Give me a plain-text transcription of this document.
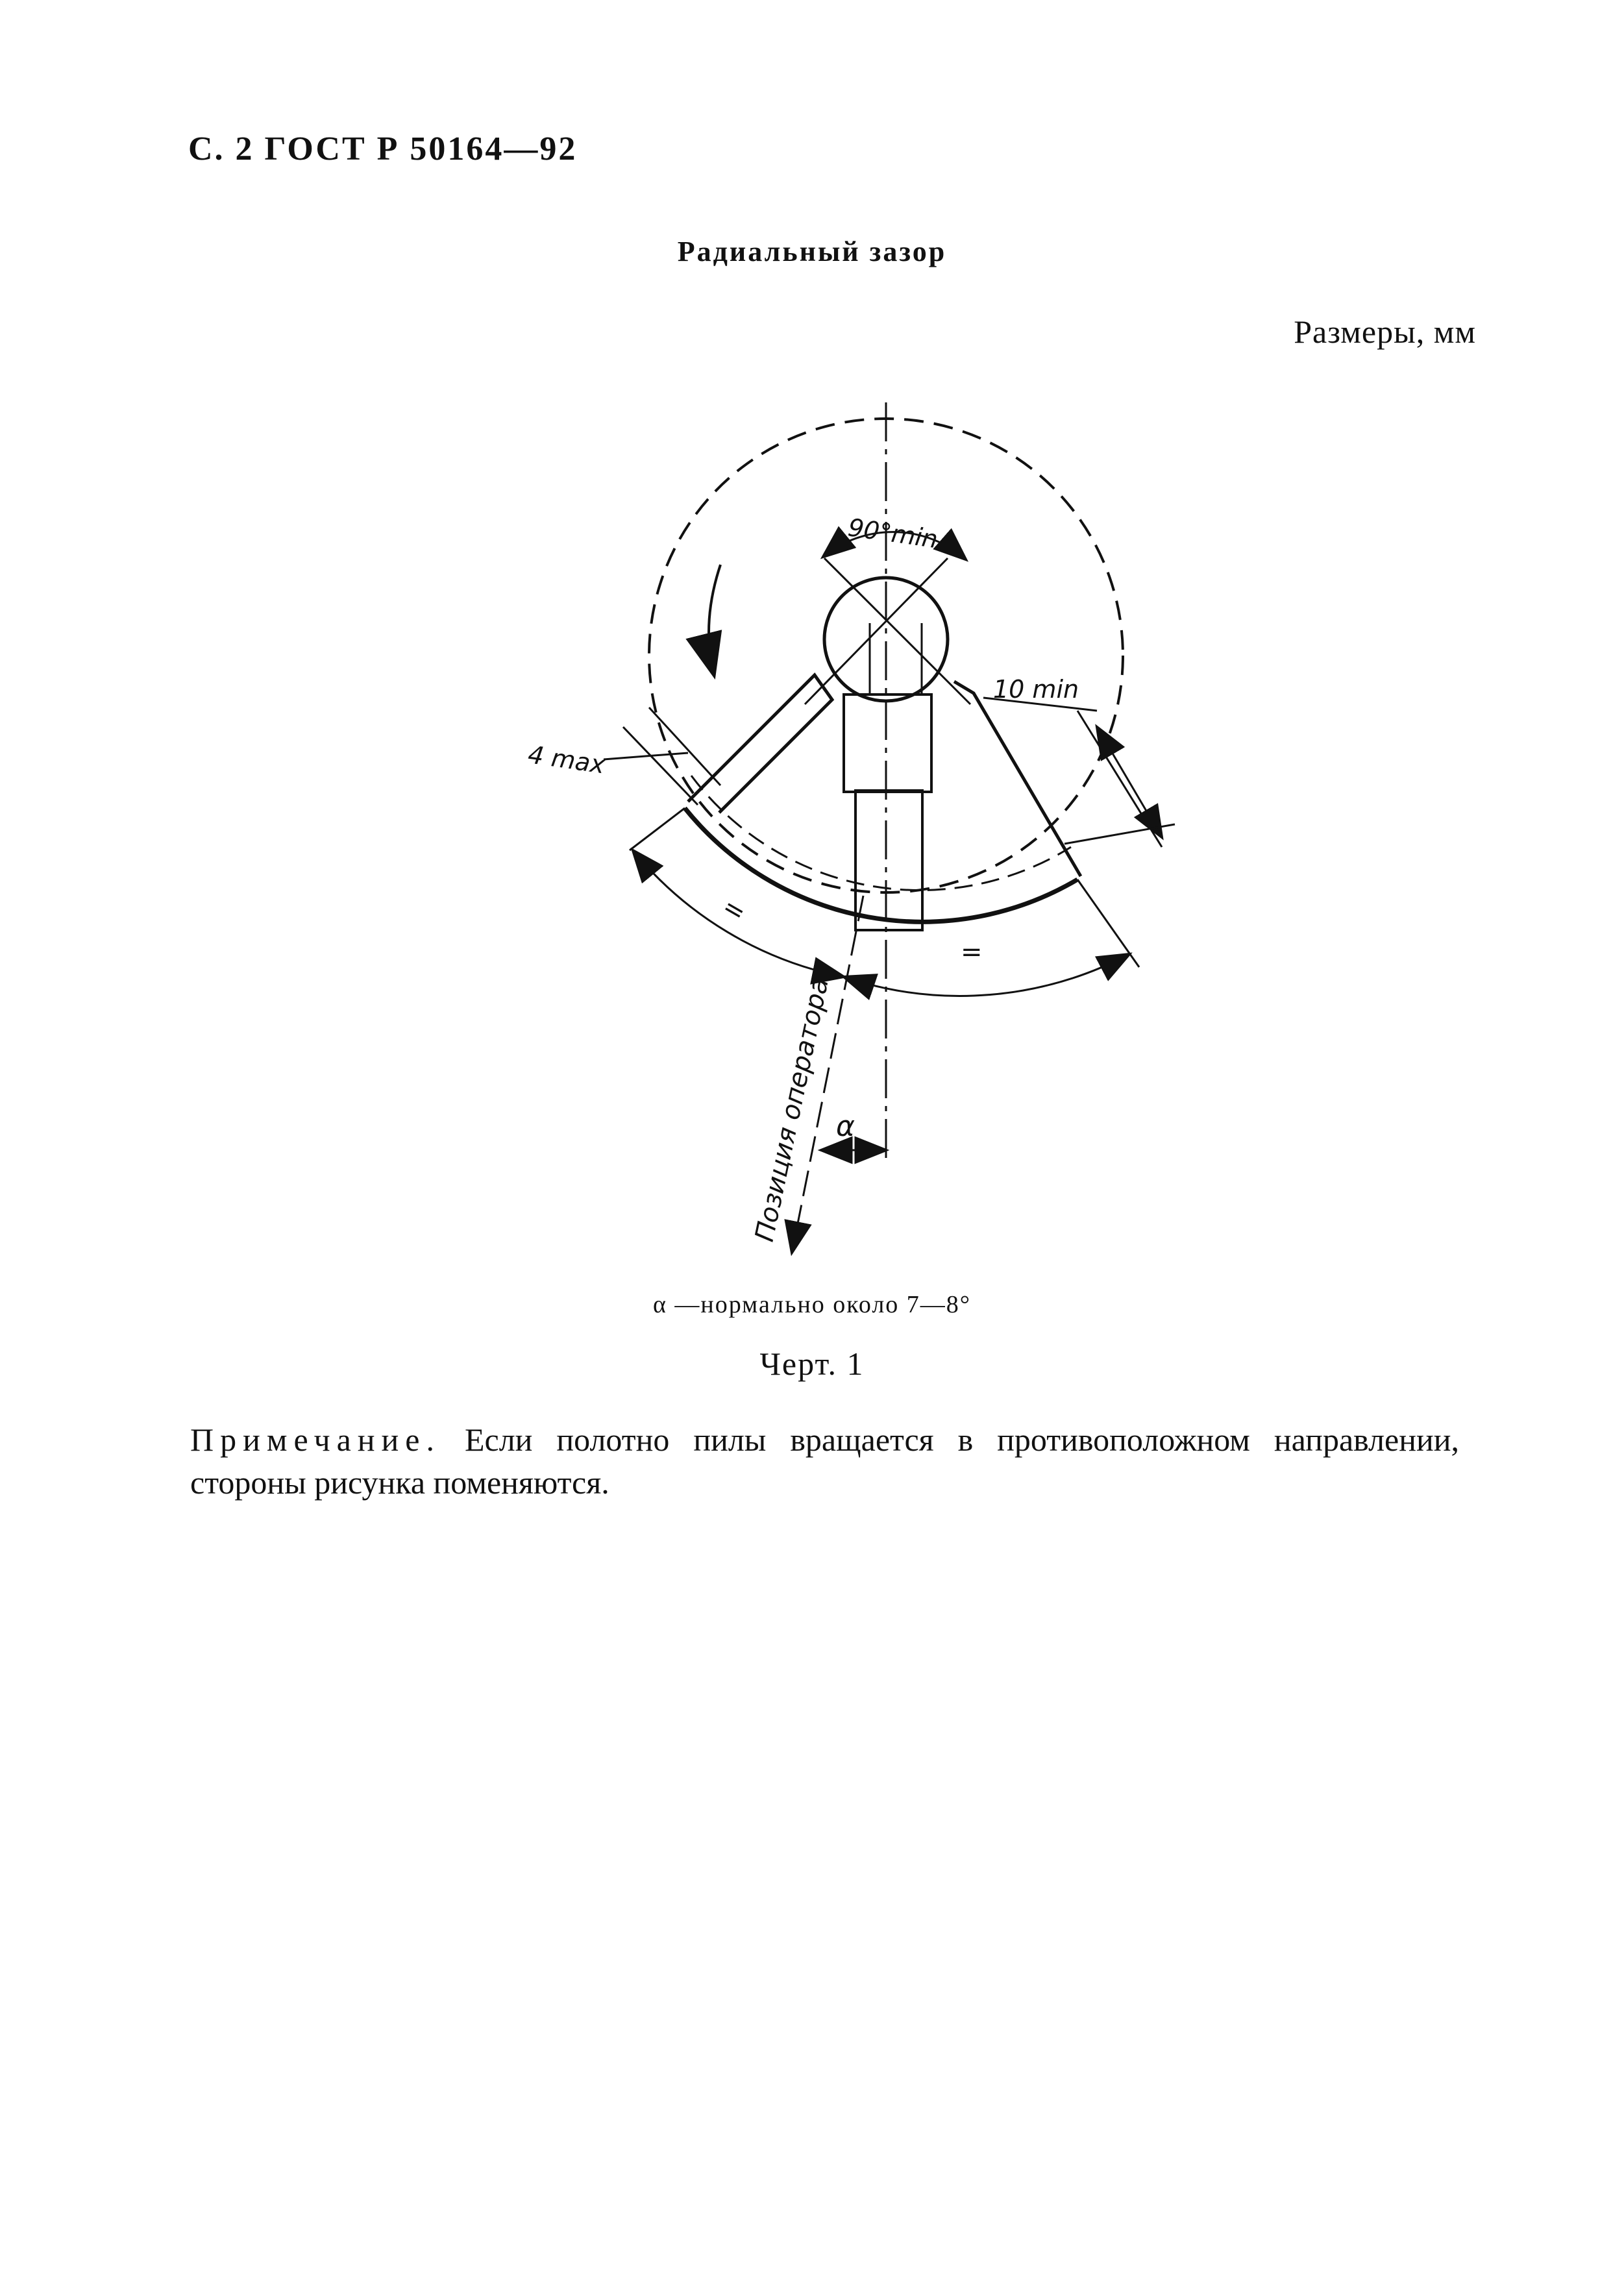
С. 2 ГОСТ Р 50164—92
Радиальный зазор
Размеры, мм
90°min
10 min
4 max
=
=
Позиция оператора α
α —нормально около 7—8°
Черт. 1
Примечание. Если полотно пилы вращается в противоположном направлении, стороны рисунка поменяются.
